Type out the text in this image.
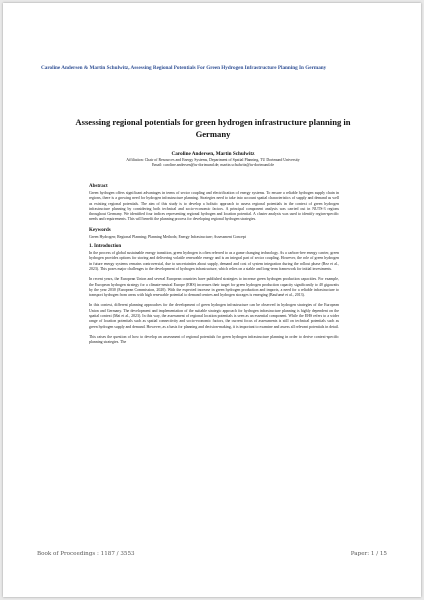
Caroline Andersen & Martin Schulwitz, Assessing Regional Potentials For Green Hydrogen Infrastructure Planning In Germany
Assessing regional potentials for green hydrogen infrastructure planning in Germany
Caroline Andersen, Martin Schulwitz
Affiliation: Chair of Resources and Energy Systems, Department of Spatial Planning, TU Dortmund University
Email: caroline.andersen@tu-dortmund.de; martin.schulwitz@tu-dortmund.de
Abstract

Green hydrogen offers significant advantages in terms of sector coupling and electrification of energy systems. To ensure a reliable hydrogen supply chain in regions, there is a growing need for hydrogen infrastructure planning. Strategies need to take into account spatial characteristics of supply and demand as well as existing regional potentials. The aim of this study is to develop a holistic approach to assess regional potentials in the context of green hydrogen infrastructure planning by considering both technical and socio-economic factors. A principal component analysis was carried out in NUTS-3 regions throughout Germany. We identified four indices representing regional hydrogen and location potential. A cluster analysis was used to identify region-specific needs and requirements. This will benefit the planning process for developing regional hydrogen strategies.

Keywords

Green Hydrogen; Regional Planning; Planning Methods; Energy Infrastructure; Assessment Concept

1. Introduction

In the process of global sustainable energy transition, green hydrogen is often referred to as a game changing technology. As a carbon-free energy carrier, green hydrogen provides options for storing and delivering volatile renewable energy and is an integral part of sector coupling. However, the role of green hydrogen in future energy systems remains controversial, due to uncertainties about supply, demand and cost of system integration during the rollout phase (Rez et al., 2023). This poses major challenges to the development of hydrogen infrastructure, which relies on a stable and long-term framework for initial investments.

In recent years, the European Union and several European countries have published strategies to increase green hydrogen production capacities. For example, the European hydrogen strategy for a climate-neutral Europe (EHS) increases their target for green hydrogen production capacity significantly to 40 gigawatts by the year 2030 (European Commission, 2020). With the expected increase in green hydrogen production and imports, a need for a reliable infrastructure to transport hydrogen from areas with high renewable potential to demand centres and hydrogen storages is emerging (Baufumé et al., 2013).

In this context, different planning approaches for the development of green hydrogen infrastructure can be observed in hydrogen strategies of the European Union and Germany. The development and implementation of the suitable strategic approach for hydrogen infrastructure planning is highly dependent on the spatial context (Mai et al., 2023). In this way, the assessment of regional location potentials is seen as an essential component. While the EHS refers to a wider range of location potentials such as spatial connectivity and socio-economic factors, the current focus of assessments is still on technical potentials such as green hydrogen supply and demand. However, as a basis for planning and decision-making, it is important to examine and assess all relevant potentials in detail.

This raises the question of how to develop an assessment of regional potentials for green hydrogen infrastructure planning in order to derive context-specific planning strategies. The

Book of Proceedings : 1187 / 3553	Paper: 1 / 15
